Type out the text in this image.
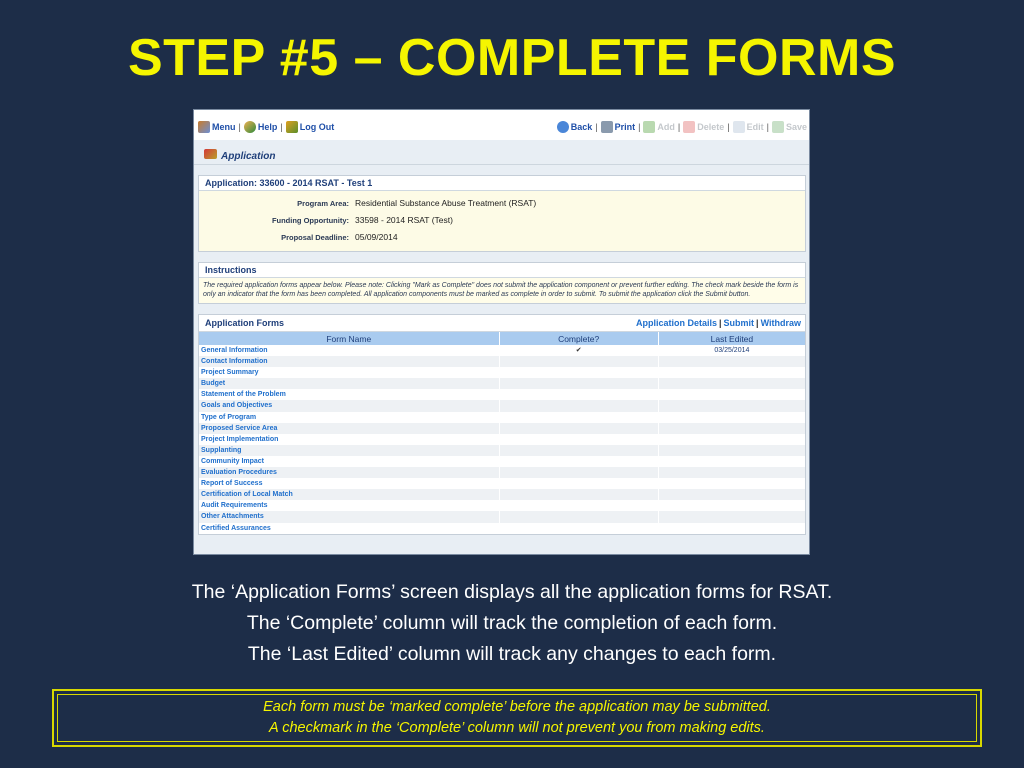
STEP #5 – COMPLETE FORMS
Menu | Help | Log Out	Back | Print | Add | Delete | Edit | Save
Application
Application: 33600 - 2014 RSAT - Test 1
Program Area: Residential Substance Abuse Treatment (RSAT)
Funding Opportunity: 33598 - 2014 RSAT (Test)
Proposal Deadline: 05/09/2014
Instructions
The required application forms appear below. Please note: Clicking "Mark as Complete" does not submit the application component or prevent further editing. The check mark beside the form is only an indicator that the form has been completed. All application components must be marked as complete in order to submit. To submit the application click the Submit button.
Application Forms	Application Details | Submit | Withdraw
Form Name	Complete?	Last Edited
General Information	✔	03/25/2014
Contact Information
Project Summary
Budget
Statement of the Problem
Goals and Objectives
Type of Program
Proposed Service Area
Project Implementation
Supplanting
Community Impact
Evaluation Procedures
Report of Success
Certification of Local Match
Audit Requirements
Other Attachments
Certified Assurances
The ‘Application Forms’ screen displays all the application forms for RSAT.
The ‘Complete’ column will track the completion of each form.
The ‘Last Edited’ column will track any changes to each form.
Each form must be ‘marked complete’ before the application may be submitted.
A checkmark in the ‘Complete’ column will not prevent you from making edits.
